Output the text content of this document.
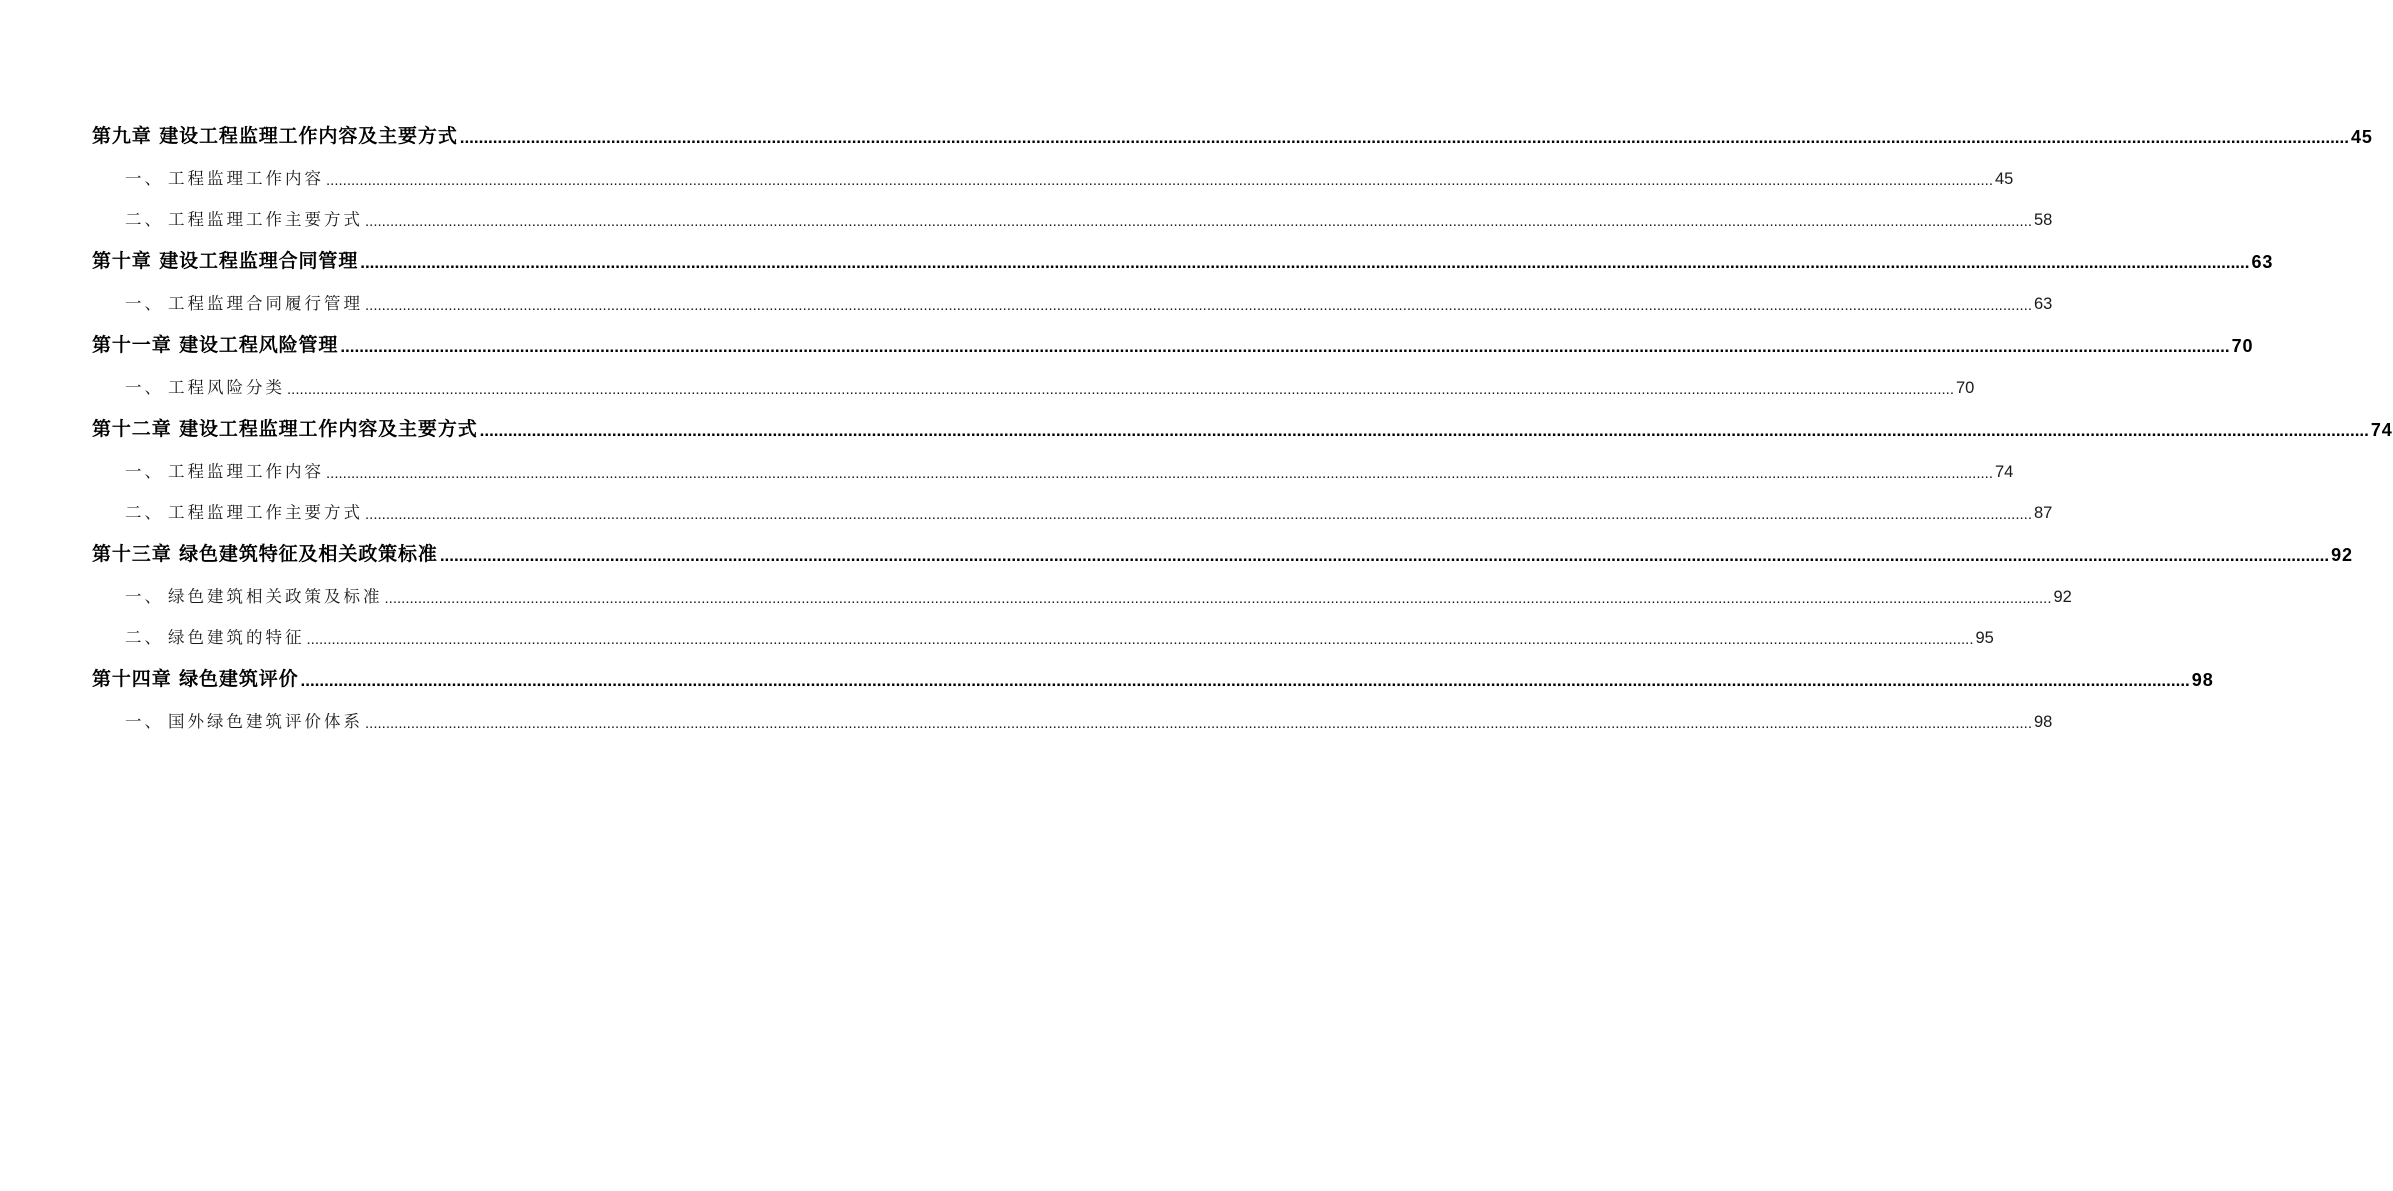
第九章 建设工程监理工作内容及主要方式 ................................................................................................................................................................................................................................................................................................................................................................................................................ 45
一、 工程监理工作内容 ................................................................................................................................................................................................................................................................................................................................................................................................................ 45
二、 工程监理工作主要方式 ................................................................................................................................................................................................................................................................................................................................................................................................................ 58
第十章 建设工程监理合同管理 ................................................................................................................................................................................................................................................................................................................................................................................................................ 63
一、 工程监理合同履行管理 ................................................................................................................................................................................................................................................................................................................................................................................................................ 63
第十一章 建设工程风险管理 ................................................................................................................................................................................................................................................................................................................................................................................................................ 70
一、 工程风险分类 ................................................................................................................................................................................................................................................................................................................................................................................................................ 70
第十二章 建设工程监理工作内容及主要方式 ................................................................................................................................................................................................................................................................................................................................................................................................................ 74
一、 工程监理工作内容 ................................................................................................................................................................................................................................................................................................................................................................................................................ 74
二、 工程监理工作主要方式 ................................................................................................................................................................................................................................................................................................................................................................................................................ 87
第十三章 绿色建筑特征及相关政策标准 ................................................................................................................................................................................................................................................................................................................................................................................................................ 92
一、 绿色建筑相关政策及标准 ................................................................................................................................................................................................................................................................................................................................................................................................................ 92
二、 绿色建筑的特征 ................................................................................................................................................................................................................................................................................................................................................................................................................ 95
第十四章 绿色建筑评价 ................................................................................................................................................................................................................................................................................................................................................................................................................ 98
一、 国外绿色建筑评价体系 ................................................................................................................................................................................................................................................................................................................................................................................................................ 98
